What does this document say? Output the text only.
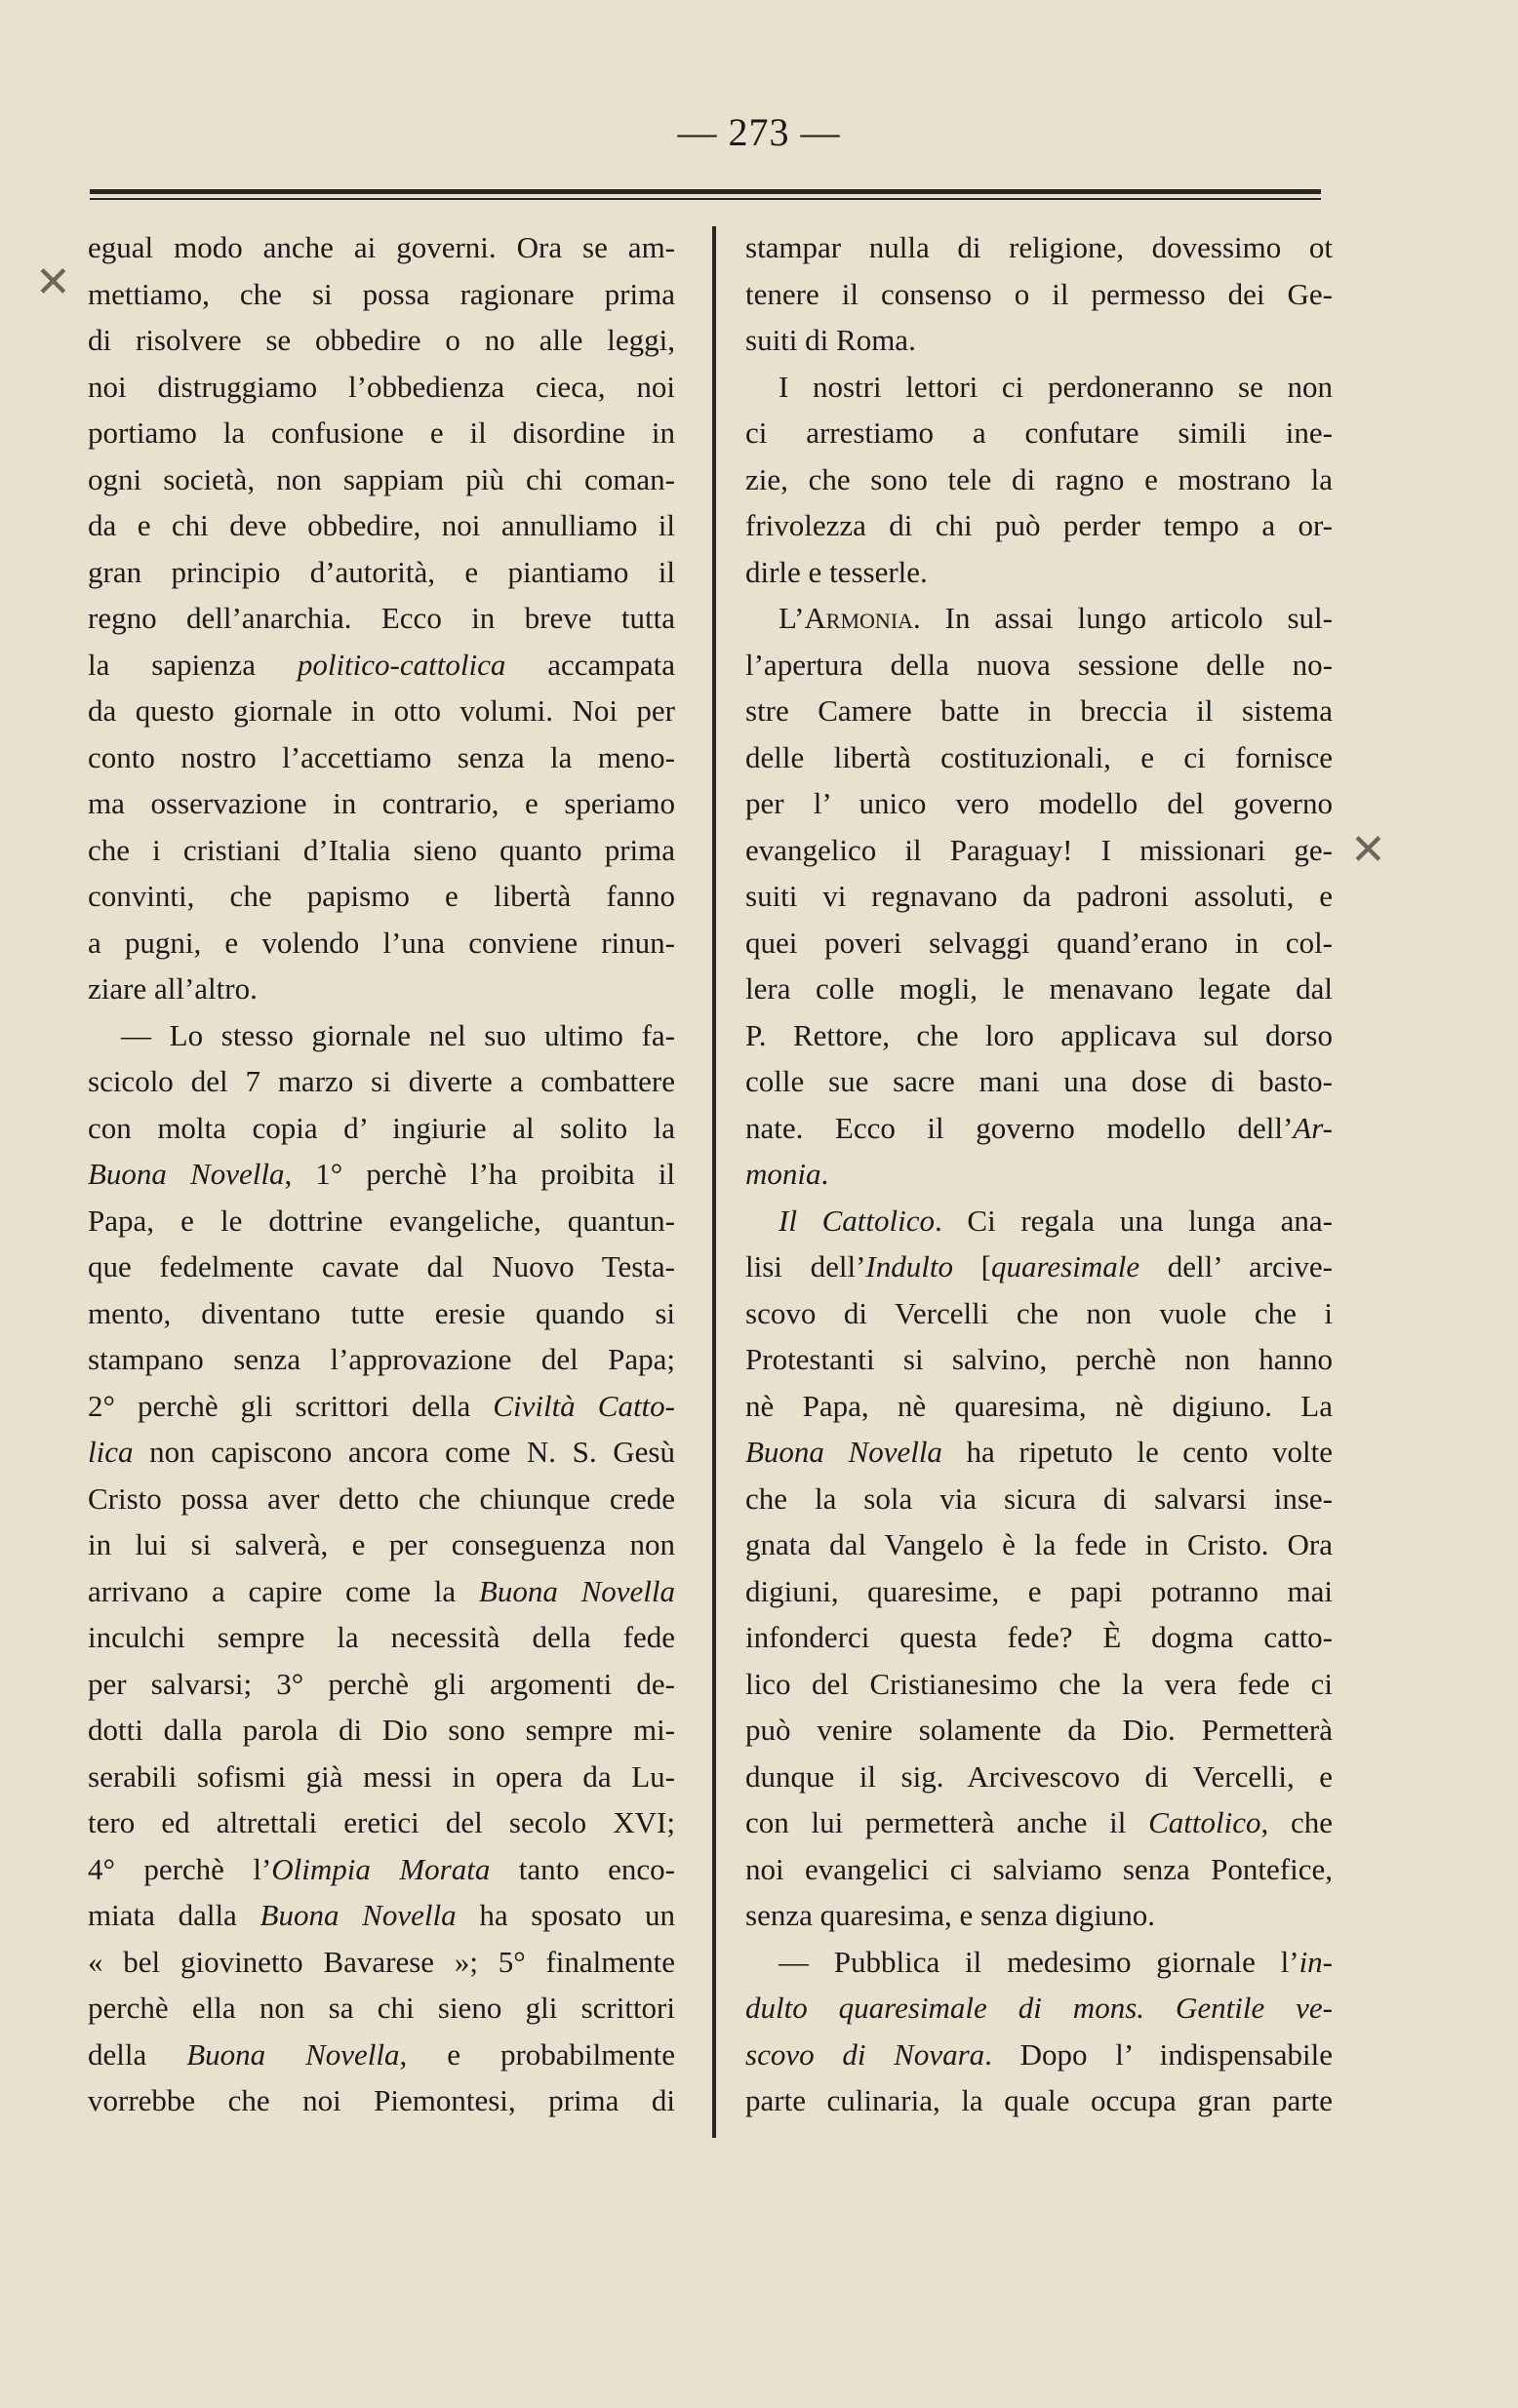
— 273 —
✕
✕
egual modo anche ai governi. Ora se am-
mettiamo, che si possa ragionare prima
di risolvere se obbedire o no alle leggi,
noi distruggiamo l’obbedienza cieca, noi
portiamo la confusione e il disordine in
ogni società, non sappiam più chi coman-
da e chi deve obbedire, noi annulliamo il
gran principio d’autorità, e piantiamo il
regno dell’anarchia. Ecco in breve tutta
la sapienza politico-cattolica accampata
da questo giornale in otto volumi. Noi per
conto nostro l’accettiamo senza la meno-
ma osservazione in contrario, e speriamo
che i cristiani d’Italia sieno quanto prima
convinti, che papismo e libertà fanno
a pugni, e volendo l’una conviene rinun-
ziare all’altro.
— Lo stesso giornale nel suo ultimo fa-
scicolo del 7 marzo si diverte a combattere
con molta copia d’ ingiurie al solito la
Buona Novella, 1° perchè l’ha proibita il
Papa, e le dottrine evangeliche, quantun-
que fedelmente cavate dal Nuovo Testa-
mento, diventano tutte eresie quando si
stampano senza l’approvazione del Papa;
2° perchè gli scrittori della Civiltà Catto-
lica non capiscono ancora come N. S. Gesù
Cristo possa aver detto che chiunque crede
in lui si salverà, e per conseguenza non
arrivano a capire come la Buona Novella
inculchi sempre la necessità della fede
per salvarsi; 3° perchè gli argomenti de-
dotti dalla parola di Dio sono sempre mi-
serabili sofismi già messi in opera da Lu-
tero ed altrettali eretici del secolo XVI;
4° perchè l’Olimpia Morata tanto enco-
miata dalla Buona Novella ha sposato un
« bel giovinetto Bavarese »; 5° finalmente
perchè ella non sa chi sieno gli scrittori
della Buona Novella, e probabilmente
vorrebbe che noi Piemontesi, prima di
stampar nulla di religione, dovessimo ot
tenere il consenso o il permesso dei Ge-
suiti di Roma.
I nostri lettori ci perdoneranno se non
ci arrestiamo a confutare simili ine-
zie, che sono tele di ragno e mostrano la
frivolezza di chi può perder tempo a or-
dirle e tesserle.
L’Armonia. In assai lungo articolo sul-
l’apertura della nuova sessione delle no-
stre Camere batte in breccia il sistema
delle libertà costituzionali, e ci fornisce
per l’ unico vero modello del governo
evangelico il Paraguay! I missionari ge-
suiti vi regnavano da padroni assoluti, e
quei poveri selvaggi quand’erano in col-
lera colle mogli, le menavano legate dal
P. Rettore, che loro applicava sul dorso
colle sue sacre mani una dose di basto-
nate. Ecco il governo modello dell’Ar-
monia.
Il Cattolico. Ci regala una lunga ana-
lisi dell’Indulto [quaresimale dell’ arcive-
scovo di Vercelli che non vuole che i
Protestanti si salvino, perchè non hanno
nè Papa, nè quaresima, nè digiuno. La
Buona Novella ha ripetuto le cento volte
che la sola via sicura di salvarsi inse-
gnata dal Vangelo è la fede in Cristo. Ora
digiuni, quaresime, e papi potranno mai
infonderci questa fede? È dogma catto-
lico del Cristianesimo che la vera fede ci
può venire solamente da Dio. Permetterà
dunque il sig. Arcivescovo di Vercelli, e
con lui permetterà anche il Cattolico, che
noi evangelici ci salviamo senza Pontefice,
senza quaresima, e senza digiuno.
— Pubblica il medesimo giornale l’in-
dulto quaresimale di mons. Gentile ve-
scovo di Novara. Dopo l’ indispensabile
parte culinaria, la quale occupa gran parte
